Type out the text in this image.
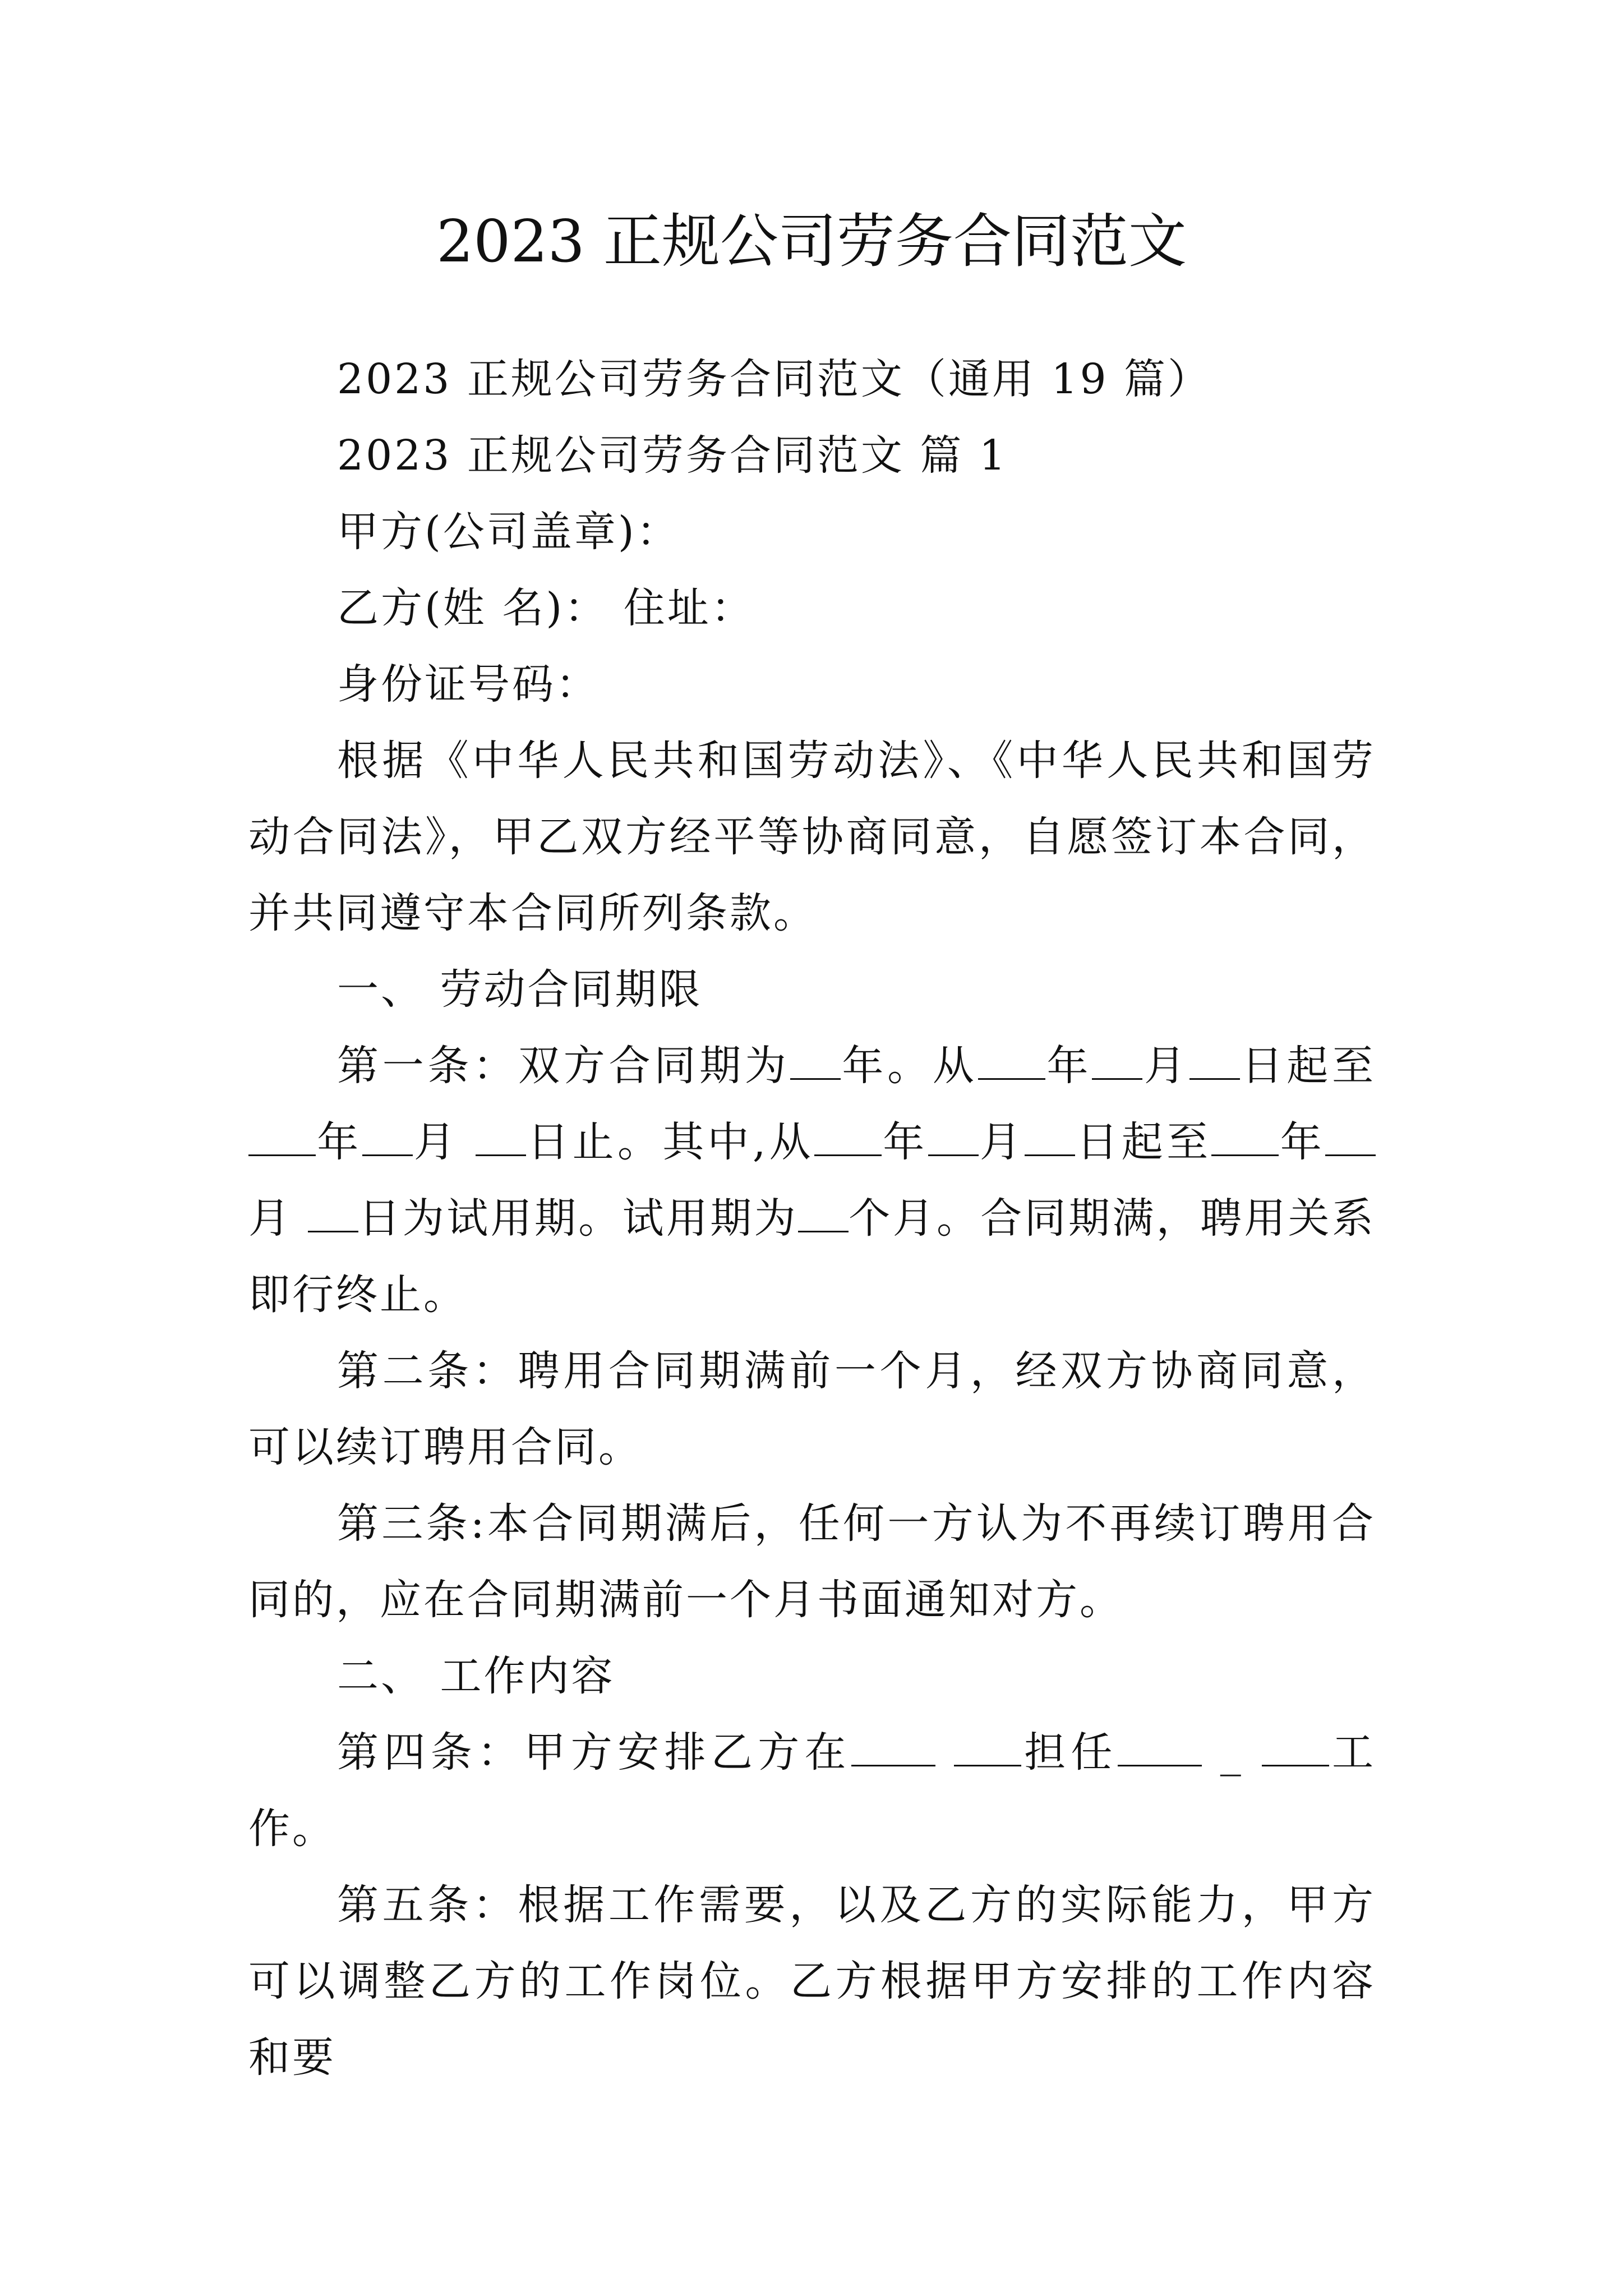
2023 正规公司劳务合同范文

2023 正规公司劳务合同范文（通用 19 篇）

2023 正规公司劳务合同范文 篇 1

甲方(公司盖章)：

乙方(姓 名)： 住址：

身份证号码：

根据《中华人民共和国劳动法》、《中华人民共和国劳动合同法》，甲乙双方经平等协商同意，自愿签订本合同，并共同遵守本合同所列条款。

一、 劳动合同期限

第一条：双方合同期为 年。从 年 月 日起至年 月 日止。其中,从 年 月 日起至 年月 日为试用期。试用期为 个月。合同期满，聘用关系即行终止。

第二条：聘用合同期满前一个月，经双方协商同意，可以续订聘用合同。

第三条:本合同期满后，任何一方认为不再续订聘用合同的，应在合同期满前一个月书面通知对方。

二、 工作内容

第四条：甲方安排乙方在	担任 _ 工作。

第五条：根据工作需要，以及乙方的实际能力，甲方可以调整乙方的工作岗位。乙方根据甲方安排的工作内容和要
